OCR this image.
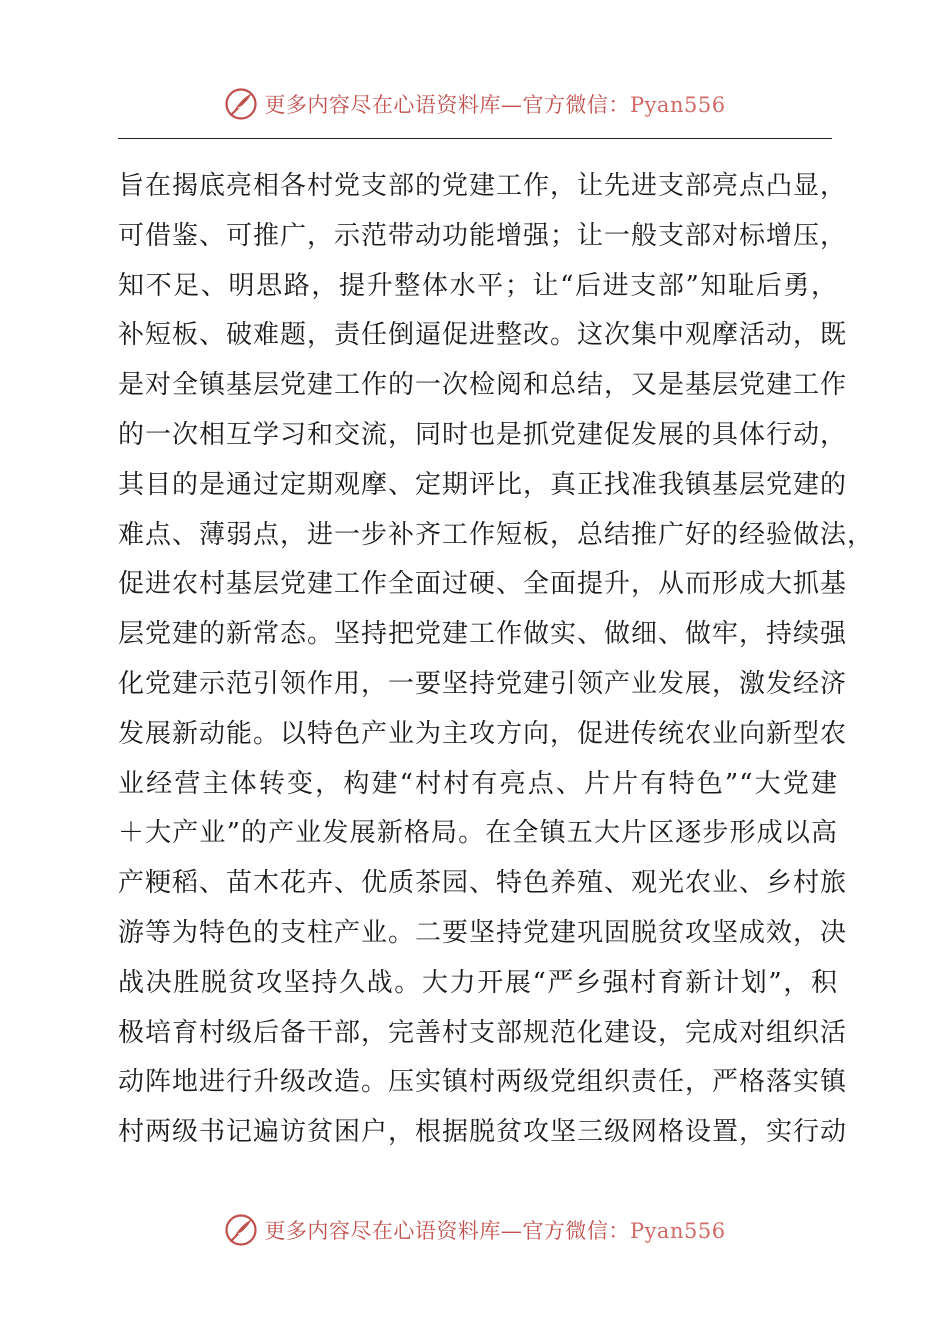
更多内容尽在心语资料库—官方微信：Pyan556
旨在揭底亮相各村党支部的党建工作，让先进支部亮点凸显，
可借鉴、可推广，示范带动功能增强；让一般支部对标增压，
知不足、明思路，提升整体水平；让“后进支部”知耻后勇，
补短板、破难题，责任倒逼促进整改。这次集中观摩活动，既
是对全镇基层党建工作的一次检阅和总结，又是基层党建工作
的一次相互学习和交流，同时也是抓党建促发展的具体行动，
其目的是通过定期观摩、定期评比，真正找准我镇基层党建的
难点、薄弱点，进一步补齐工作短板，总结推广好的经验做法，
促进农村基层党建工作全面过硬、全面提升，从而形成大抓基
层党建的新常态。坚持把党建工作做实、做细、做牢，持续强
化党建示范引领作用，一要坚持党建引领产业发展，激发经济
发展新动能。以特色产业为主攻方向，促进传统农业向新型农
业经营主体转变，构建“村村有亮点、片片有特色”“大党建
＋大产业”的产业发展新格局。在全镇五大片区逐步形成以高
产粳稻、苗木花卉、优质茶园、特色养殖、观光农业、乡村旅
游等为特色的支柱产业。二要坚持党建巩固脱贫攻坚成效，决
战决胜脱贫攻坚持久战。大力开展“严乡强村育新计划”，积
极培育村级后备干部，完善村支部规范化建设，完成对组织活
动阵地进行升级改造。压实镇村两级党组织责任，严格落实镇
村两级书记遍访贫困户，根据脱贫攻坚三级网格设置，实行动
更多内容尽在心语资料库—官方微信：Pyan556
